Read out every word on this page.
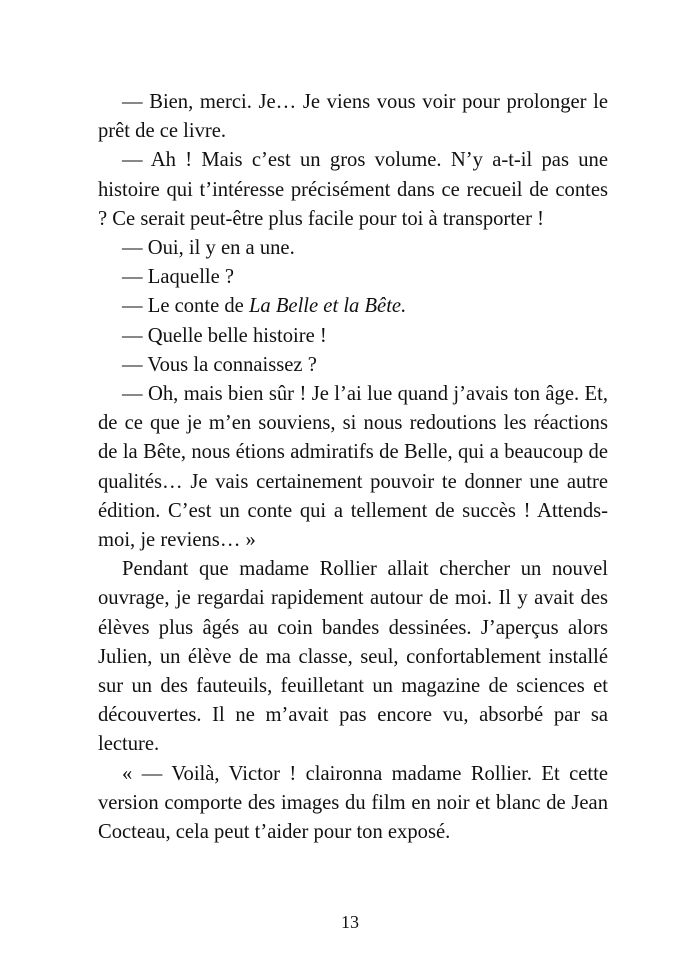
— Bien, merci. Je… Je viens vous voir pour prolonger le prêt de ce livre.

— Ah ! Mais c’est un gros volume. N’y a-t-il pas une histoire qui t’intéresse précisément dans ce recueil de contes ? Ce serait peut-être plus facile pour toi à transporter !

— Oui, il y en a une.

— Laquelle ?

— Le conte de La Belle et la Bête.

— Quelle belle histoire !

— Vous la connaissez ?

— Oh, mais bien sûr ! Je l’ai lue quand j’avais ton âge. Et, de ce que je m’en souviens, si nous redoutions les réactions de la Bête, nous étions admiratifs de Belle, qui a beaucoup de qualités… Je vais certainement pouvoir te donner une autre édition. C’est un conte qui a tellement de succès ! Attends-moi, je reviens… »

Pendant que madame Rollier allait chercher un nouvel ouvrage, je regardai rapidement autour de moi. Il y avait des élèves plus âgés au coin bandes dessinées. J’aperçus alors Julien, un élève de ma classe, seul, confortablement installé sur un des fauteuils, feuilletant un magazine de sciences et découvertes. Il ne m’avait pas encore vu, absorbé par sa lecture.

« — Voilà, Victor ! claironna madame Rollier. Et cette version comporte des images du film en noir et blanc de Jean Cocteau, cela peut t’aider pour ton exposé.

13
